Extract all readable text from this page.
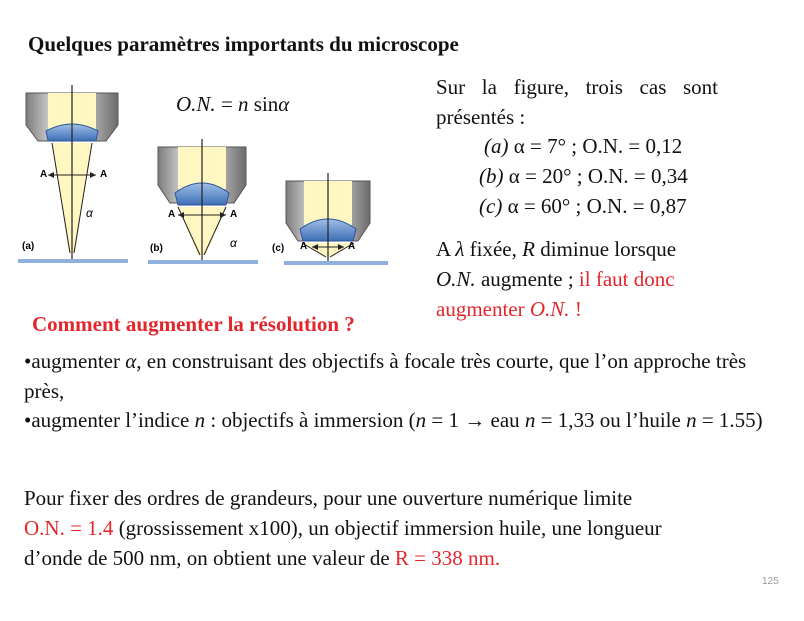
Quelques paramètres importants du microscope
O.N. = n sinα
A	A
α
(a)
A	A
α
(b)	A	A
(c)
Sur la figure, trois cas sont
présentés :
(a) α = 7° ; O.N. = 0,12
(b) α = 20° ; O.N. = 0,34
(c) α = 60° ; O.N. = 0,87
A λ fixée, R diminue lorsque
O.N. augmente ; il faut donc augmenter O.N. !
Comment augmenter la résolution ?
•augmenter α, en construisant des objectifs à focale très courte, que l’on approche très près,
•augmenter l’indice n : objectifs à immersion (n = 1 → eau n = 1,33 ou l’huile n = 1.55)
Pour fixer des ordres de grandeurs, pour une ouverture numérique limite
O.N. = 1.4 (grossissement x100), un objectif immersion huile, une longueur d’onde de 500 nm, on obtient une valeur de R = 338 nm.
125
